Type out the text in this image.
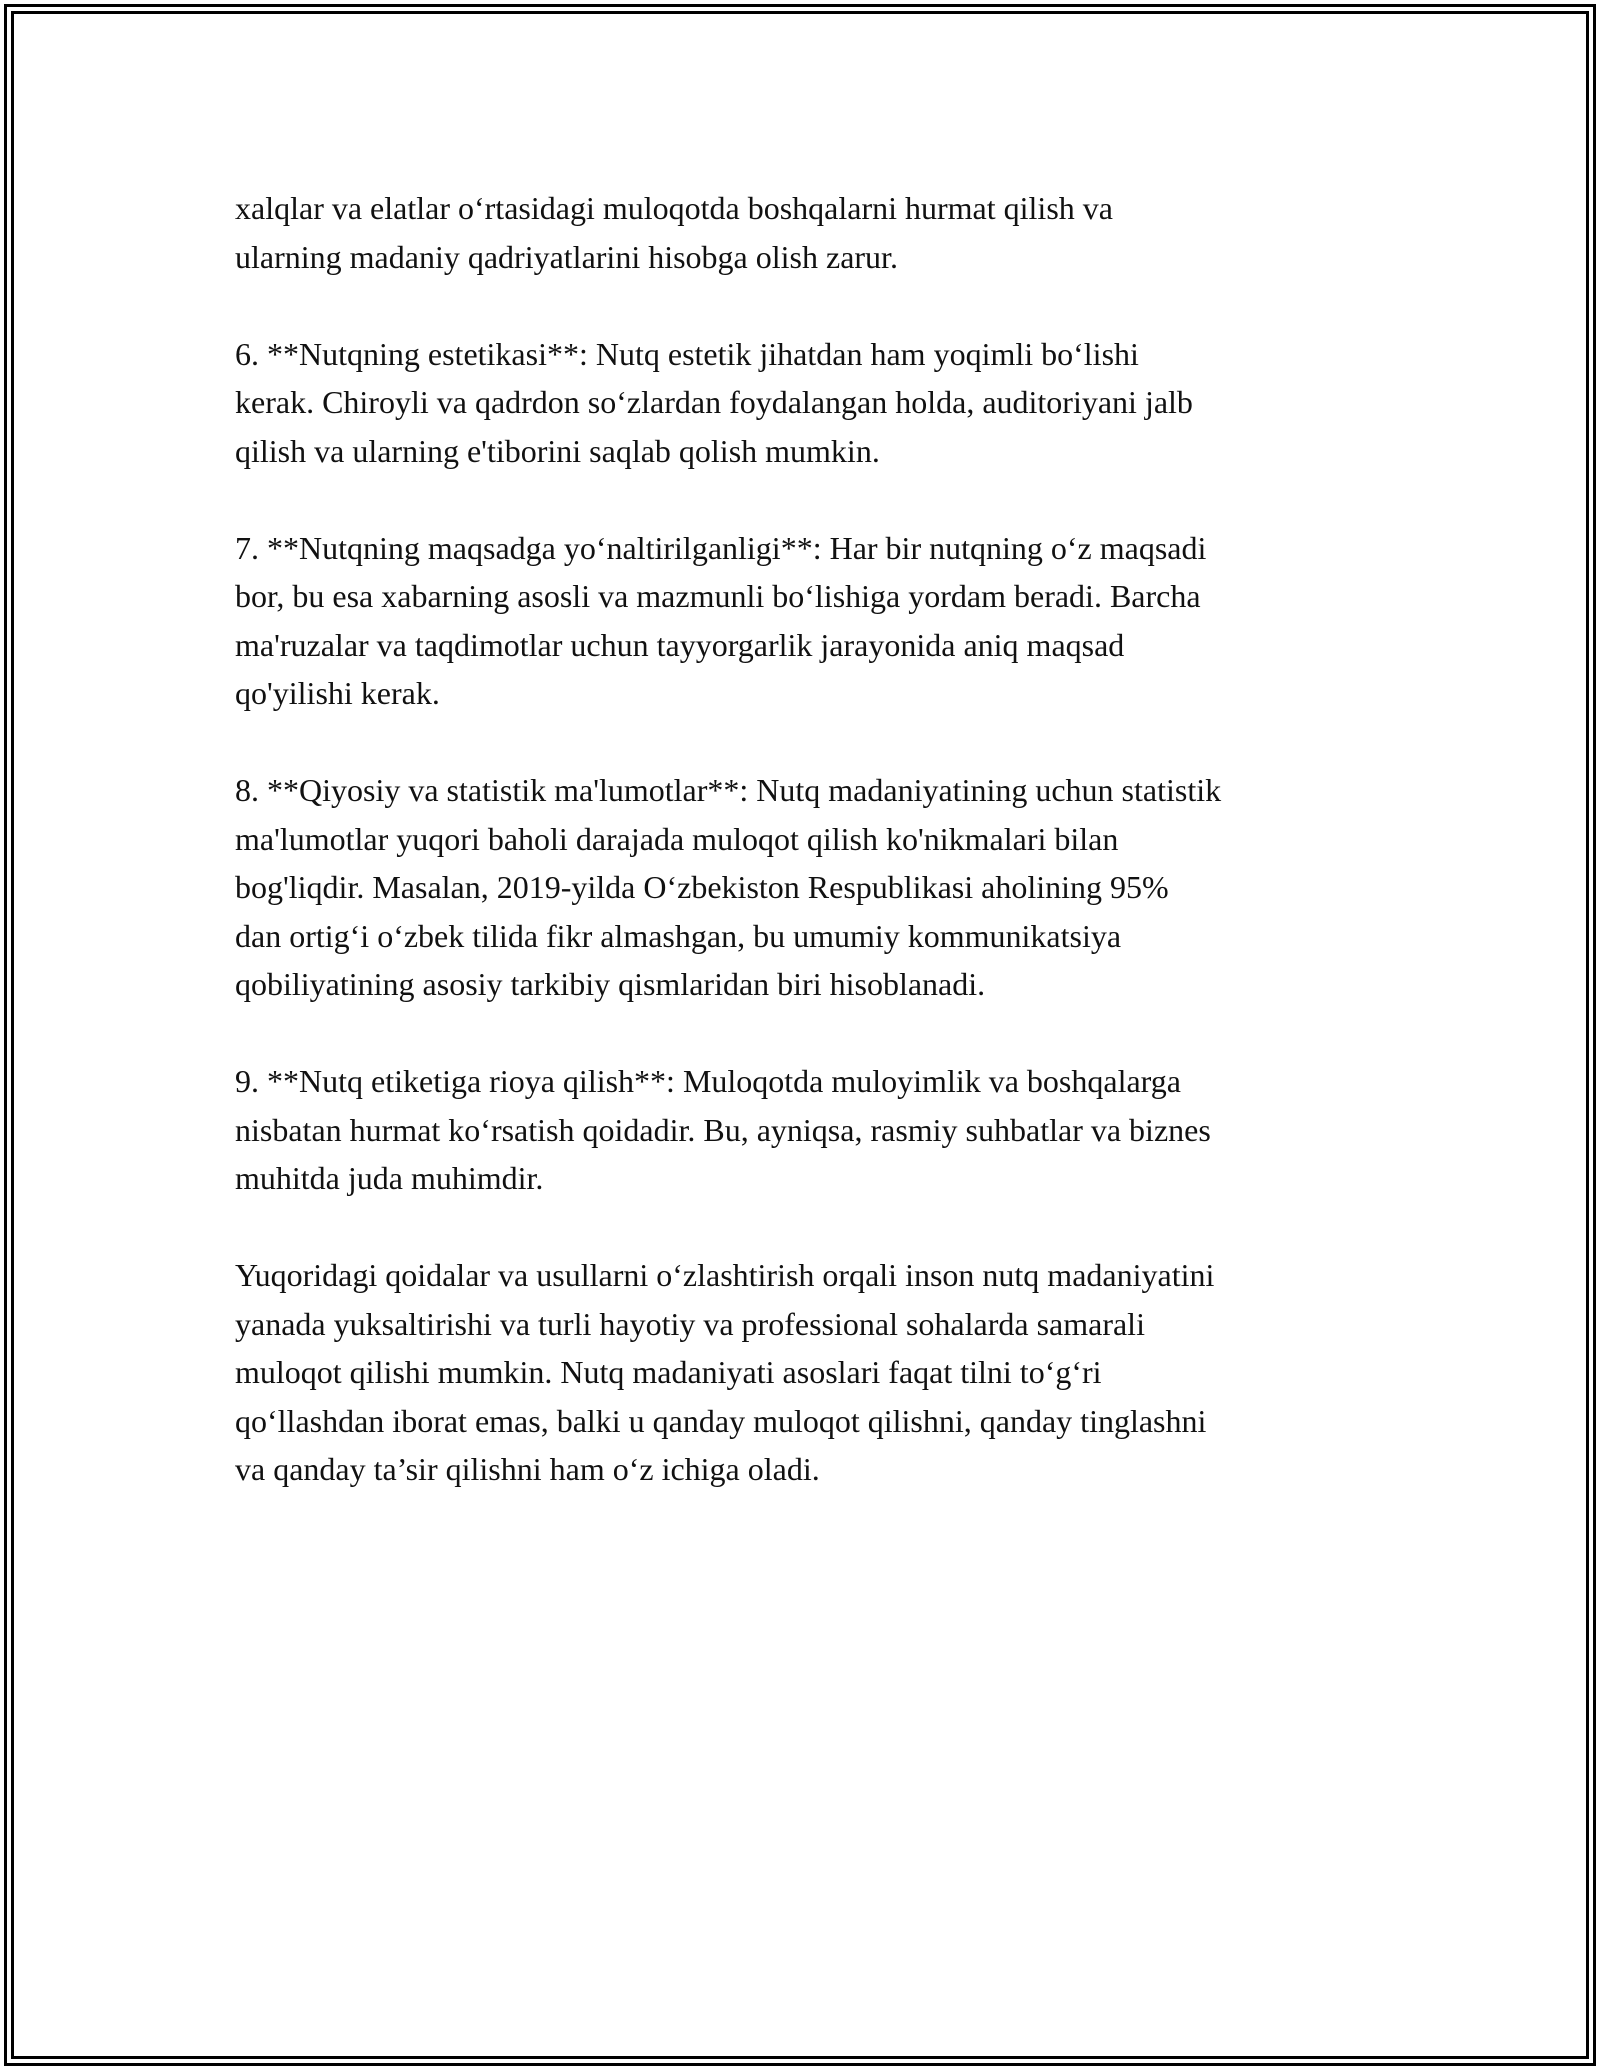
xalqlar va elatlar o‘rtasidagi muloqotda boshqalarni hurmat qilish va
ularning madaniy qadriyatlarini hisobga olish zarur.

6. **Nutqning estetikasi**: Nutq estetik jihatdan ham yoqimli bo‘lishi
kerak. Chiroyli va qadrdon so‘zlardan foydalangan holda, auditoriyani jalb
qilish va ularning e'tiborini saqlab qolish mumkin.

7. **Nutqning maqsadga yo‘naltirilganligi**: Har bir nutqning o‘z maqsadi
bor, bu esa xabarning asosli va mazmunli bo‘lishiga yordam beradi. Barcha
ma'ruzalar va taqdimotlar uchun tayyorgarlik jarayonida aniq maqsad
qo'yilishi kerak.

8. **Qiyosiy va statistik ma'lumotlar**: Nutq madaniyatining uchun statistik
ma'lumotlar yuqori baholi darajada muloqot qilish ko'nikmalari bilan
bog'liqdir. Masalan, 2019-yilda O‘zbekiston Respublikasi aholining 95%
dan ortig‘i o‘zbek tilida fikr almashgan, bu umumiy kommunikatsiya
qobiliyatining asosiy tarkibiy qismlaridan biri hisoblanadi.

9. **Nutq etiketiga rioya qilish**: Muloqotda muloyimlik va boshqalarga
nisbatan hurmat ko‘rsatish qoidadir. Bu, ayniqsa, rasmiy suhbatlar va biznes
muhitda juda muhimdir.

Yuqoridagi qoidalar va usullarni o‘zlashtirish orqali inson nutq madaniyatini
yanada yuksaltirishi va turli hayotiy va professional sohalarda samarali
muloqot qilishi mumkin. Nutq madaniyati asoslari faqat tilni to‘g‘ri
qo‘llashdan iborat emas, balki u qanday muloqot qilishni, qanday tinglashni
va qanday ta’sir qilishni ham o‘z ichiga oladi.
